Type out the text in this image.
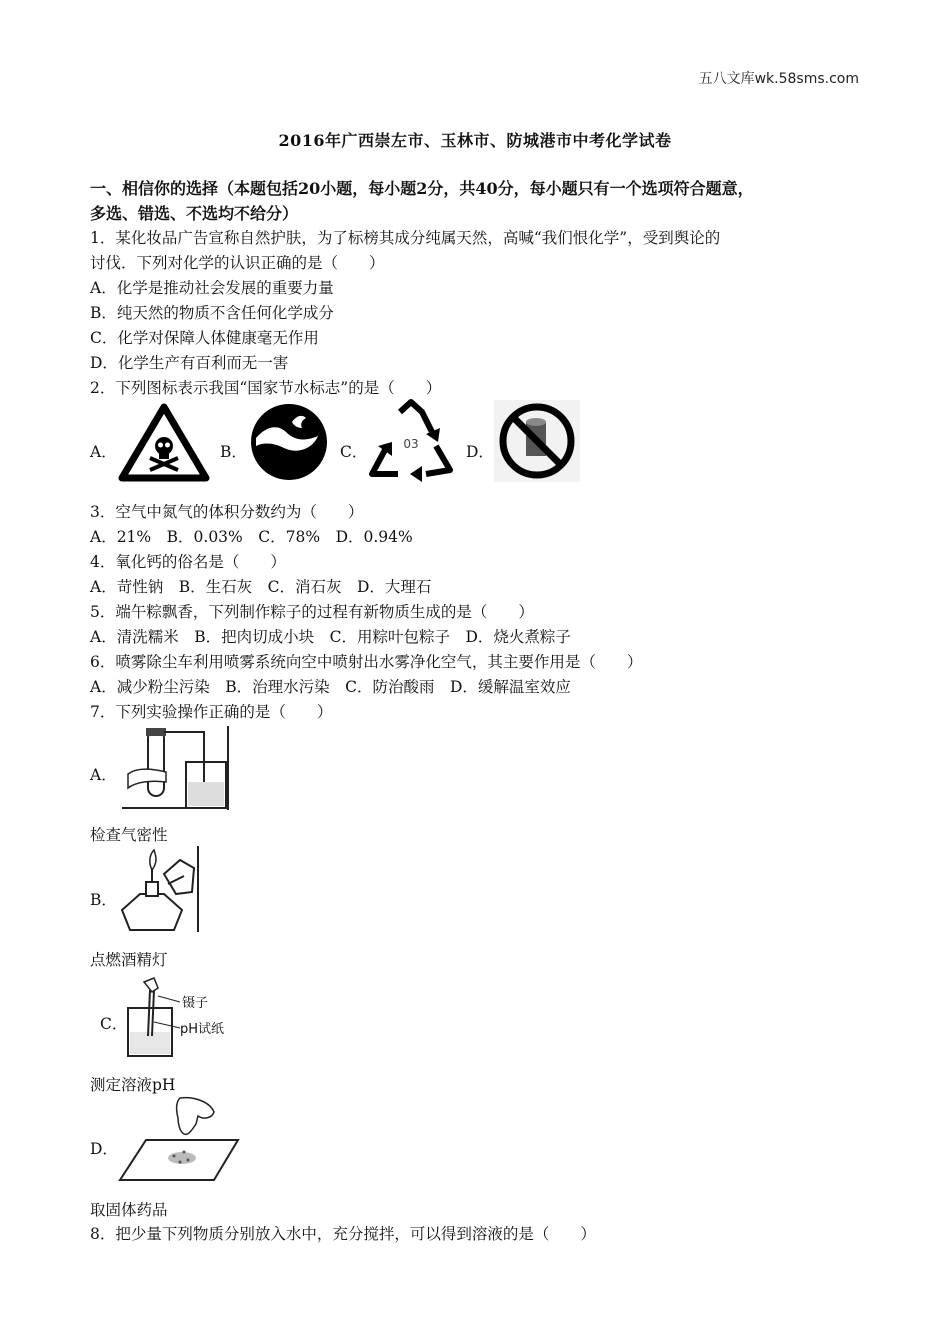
五八文库wk.58sms.com
2016年广西崇左市、玉林市、防城港市中考化学试卷
一、相信你的选择（本题包括20小题，每小题2分，共40分，每小题只有一个选项符合题意，
多选、错选、不选均不给分）
1．某化妆品广告宣称自然护肤，为了标榜其成分纯属天然，高喊“我们恨化学”，受到舆论的
讨伐．下列对化学的认识正确的是（　　）
A．化学是推动社会发展的重要力量
B．纯天然的物质不含任何化学成分
C．化学对保障人体健康毫无作用
D．化学生产有百利而无一害
2．下列图标表示我国“国家节水标志”的是（　　）
A．	B．	C．	03	D．
3．空气中氮气的体积分数约为（　　）
A．21%　B．0.03%　C．78%　D．0.94%
4．氧化钙的俗名是（　　）
A．苛性钠　B．生石灰　C．消石灰　D．大理石
5．端午粽飘香，下列制作粽子的过程有新物质生成的是（　　）
A．清洗糯米　B．把肉切成小块　C．用粽叶包粽子　D．烧火煮粽子
6．喷雾除尘车利用喷雾系统向空中喷射出水雾净化空气，其主要作用是（　　）
A．减少粉尘污染　B．治理水污染　C．防治酸雨　D．缓解温室效应
7．下列实验操作正确的是（　　）
A．
检查气密性
B．
点燃酒精灯
C．
镊子
pH试纸
测定溶液pH
D．
取固体药品
8．把少量下列物质分别放入水中，充分搅拌，可以得到溶液的是（　　）
